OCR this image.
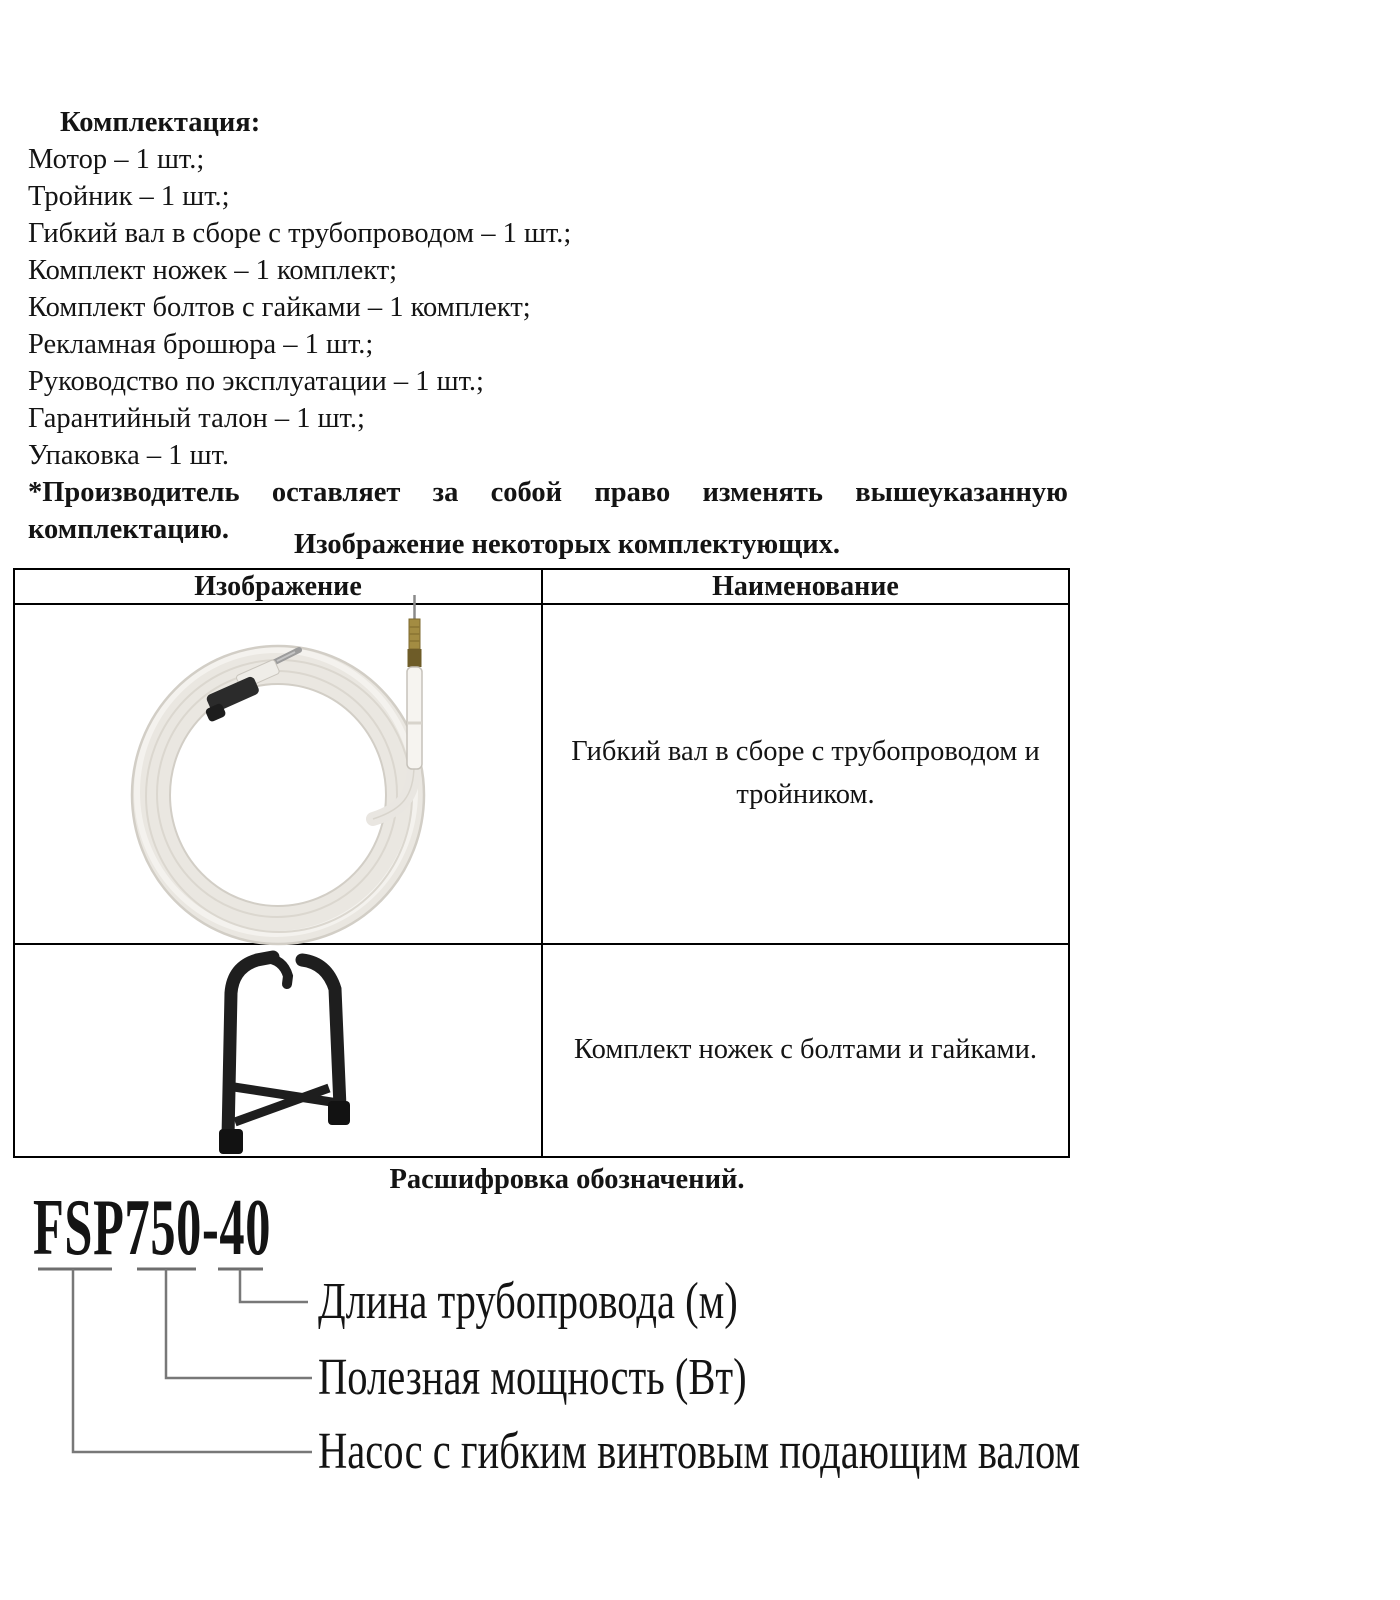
Комплектация:
Мотор – 1 шт.;
Тройник – 1 шт.;
Гибкий вал в сборе с трубопроводом – 1 шт.;
Комплект ножек – 1 комплект;
Комплект болтов с гайками – 1 комплект;
Рекламная брошюра – 1 шт.;
Руководство по эксплуатации – 1 шт.;
Гарантийный талон – 1 шт.;
Упаковка – 1 шт.
*Производитель оставляет за собой право изменять вышеуказанную
комплектацию.	Изображение некоторых комплектующих.
Изображение	Наименование
Гибкий вал в сборе с трубопроводом и тройником.
Комплект ножек с болтами и гайками.
Расшифровка обозначений.
FSP750-40
Длина трубопровода (м)
Полезная мощность (Вт)
Насос с гибким винтовым подающим валом
